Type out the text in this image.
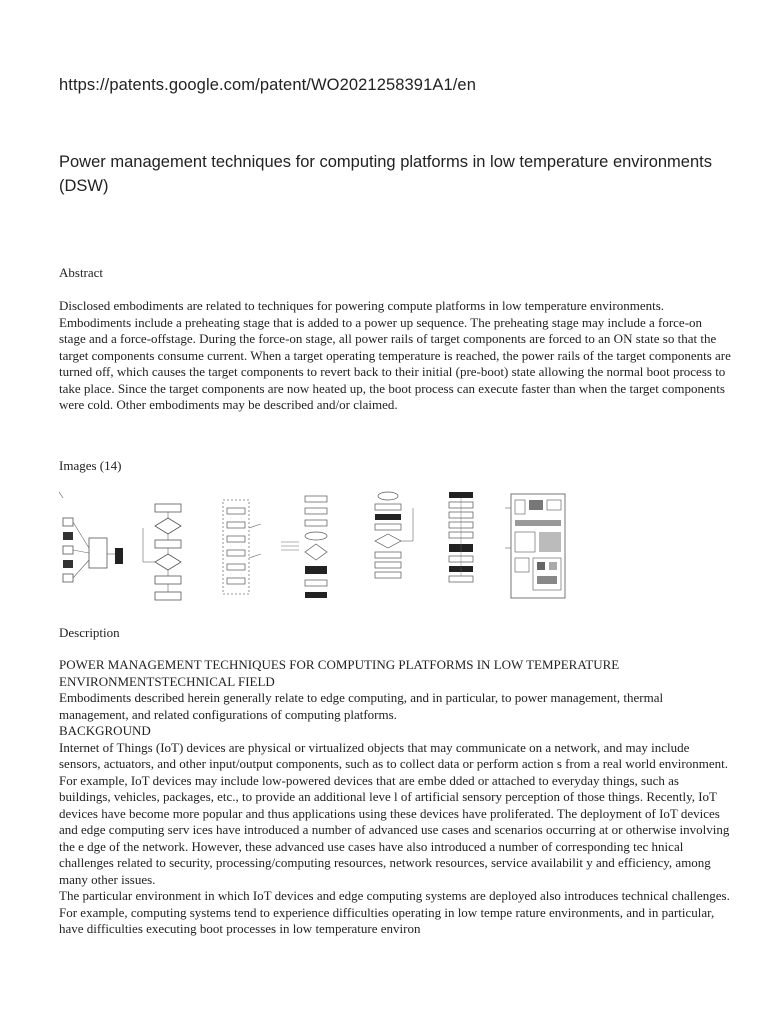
https://patents.google.com/patent/WO2021258391A1/en
Power management techniques for computing platforms in low temperature environments (DSW)
Abstract
Disclosed embodiments are related to techniques for powering compute platforms in low temperature environments. Embodiments include a preheating stage that is added to a power up sequence. The preheating stage may include a force-on stage and a force-offstage. During the force-on stage, all power rails of target components are forced to an ON state so that the target components consume current. When a target operating temperature is reached, the power rails of the target components are turned off, which causes the target components to revert back to their initial (pre-boot) state allowing the normal boot process to take place. Since the target components are now heated up, the boot process can execute faster than when the target components were cold. Other embodiments may be described and/or claimed.
Images (14)
Description

POWER MANAGEMENT TECHNIQUES FOR COMPUTING PLATFORMS IN LOW TEMPERATURE ENVIRONMENTSTECHNICAL FIELD

Embodiments described herein generally relate to edge computing, and in particular, to power management, thermal management, and related configurations of computing platforms.

BACKGROUND

Internet of Things (IoT) devices are physical or virtualized objects that may communicate on a network, and may include sensors, actuators, and other input/output components, such as to collect data or perform action s from a real world environment. For example, IoT devices may include low-powered devices that are embe dded or attached to everyday things, such as buildings, vehicles, packages, etc., to provide an additional leve l of artificial sensory perception of those things. Recently, IoT devices have become more popular and thus applications using these devices have proliferated. The deployment of IoT devices and edge computing serv ices have introduced a number of advanced use cases and scenarios occurring at or otherwise involving the e dge of the network. However, these advanced use cases have also introduced a number of corresponding tec hnical challenges related to security, processing/computing resources, network resources, service availabilit y and efficiency, among many other issues.

The particular environment in which IoT devices and edge computing systems are deployed also introduces technical challenges. For example, computing systems tend to experience difficulties operating in low tempe rature environments, and in particular, have difficulties executing boot processes in low temperature environ
